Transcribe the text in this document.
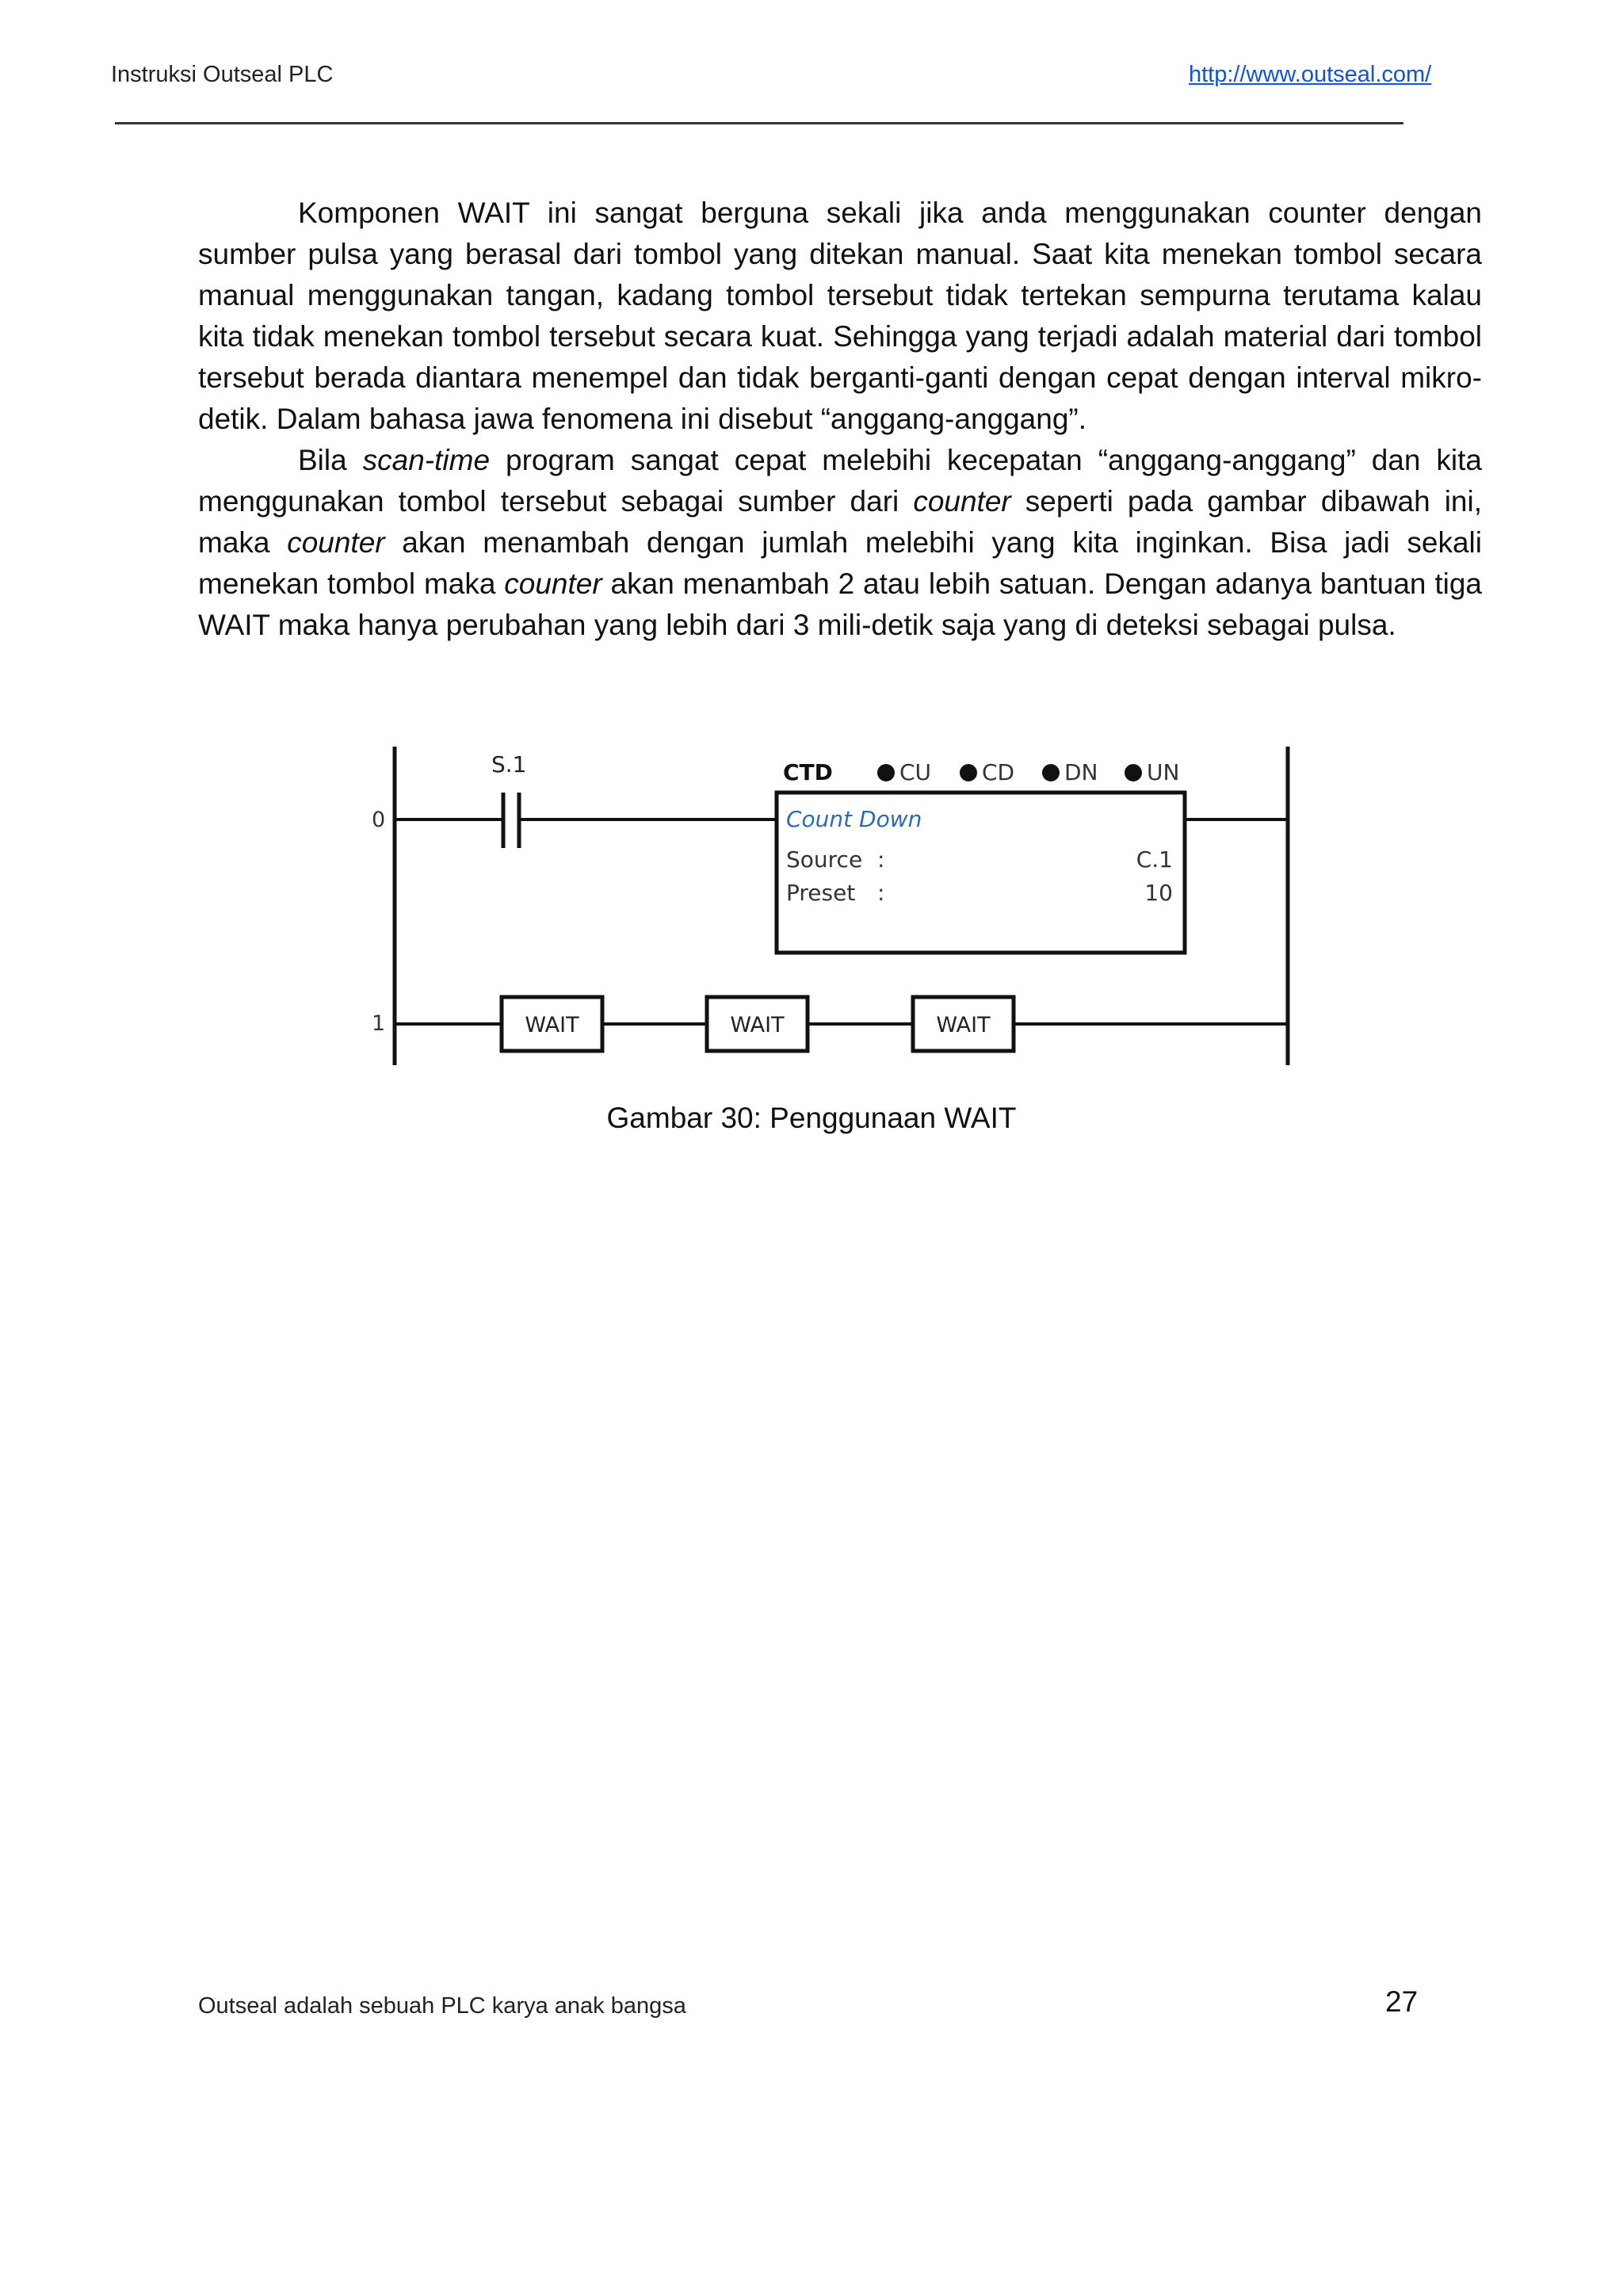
Instruksi Outseal PLC	http://www.outseal.com/

Komponen WAIT ini sangat berguna sekali jika anda menggunakan counter dengan sumber pulsa yang berasal dari tombol yang ditekan manual. Saat kita menekan tombol secara manual menggunakan tangan, kadang tombol tersebut tidak tertekan sempurna terutama kalau kita tidak menekan tombol tersebut secara kuat. Sehingga yang terjadi adalah material dari tombol tersebut berada diantara menempel dan tidak berganti-ganti dengan cepat dengan interval mikro-detik. Dalam bahasa jawa fenomena ini disebut “anggang-anggang”.

Bila scan-time program sangat cepat melebihi kecepatan “anggang-anggang” dan kita menggunakan tombol tersebut sebagai sumber dari counter seperti pada gambar dibawah ini, maka counter akan menambah dengan jumlah melebihi yang kita inginkan. Bisa jadi sekali menekan tombol maka counter akan menambah 2 atau lebih satuan. Dengan adanya bantuan tiga WAIT maka hanya perubahan yang lebih dari 3 mili-detik saja yang di deteksi sebagai pulsa.

0
1
S.1	CTD	CU CD DN UN
Count Down
Source :	C.1
Preset :	10
WAIT	WAIT	WAIT
Gambar 30: Penggunaan WAIT
Outseal adalah sebuah PLC karya anak bangsa	27
